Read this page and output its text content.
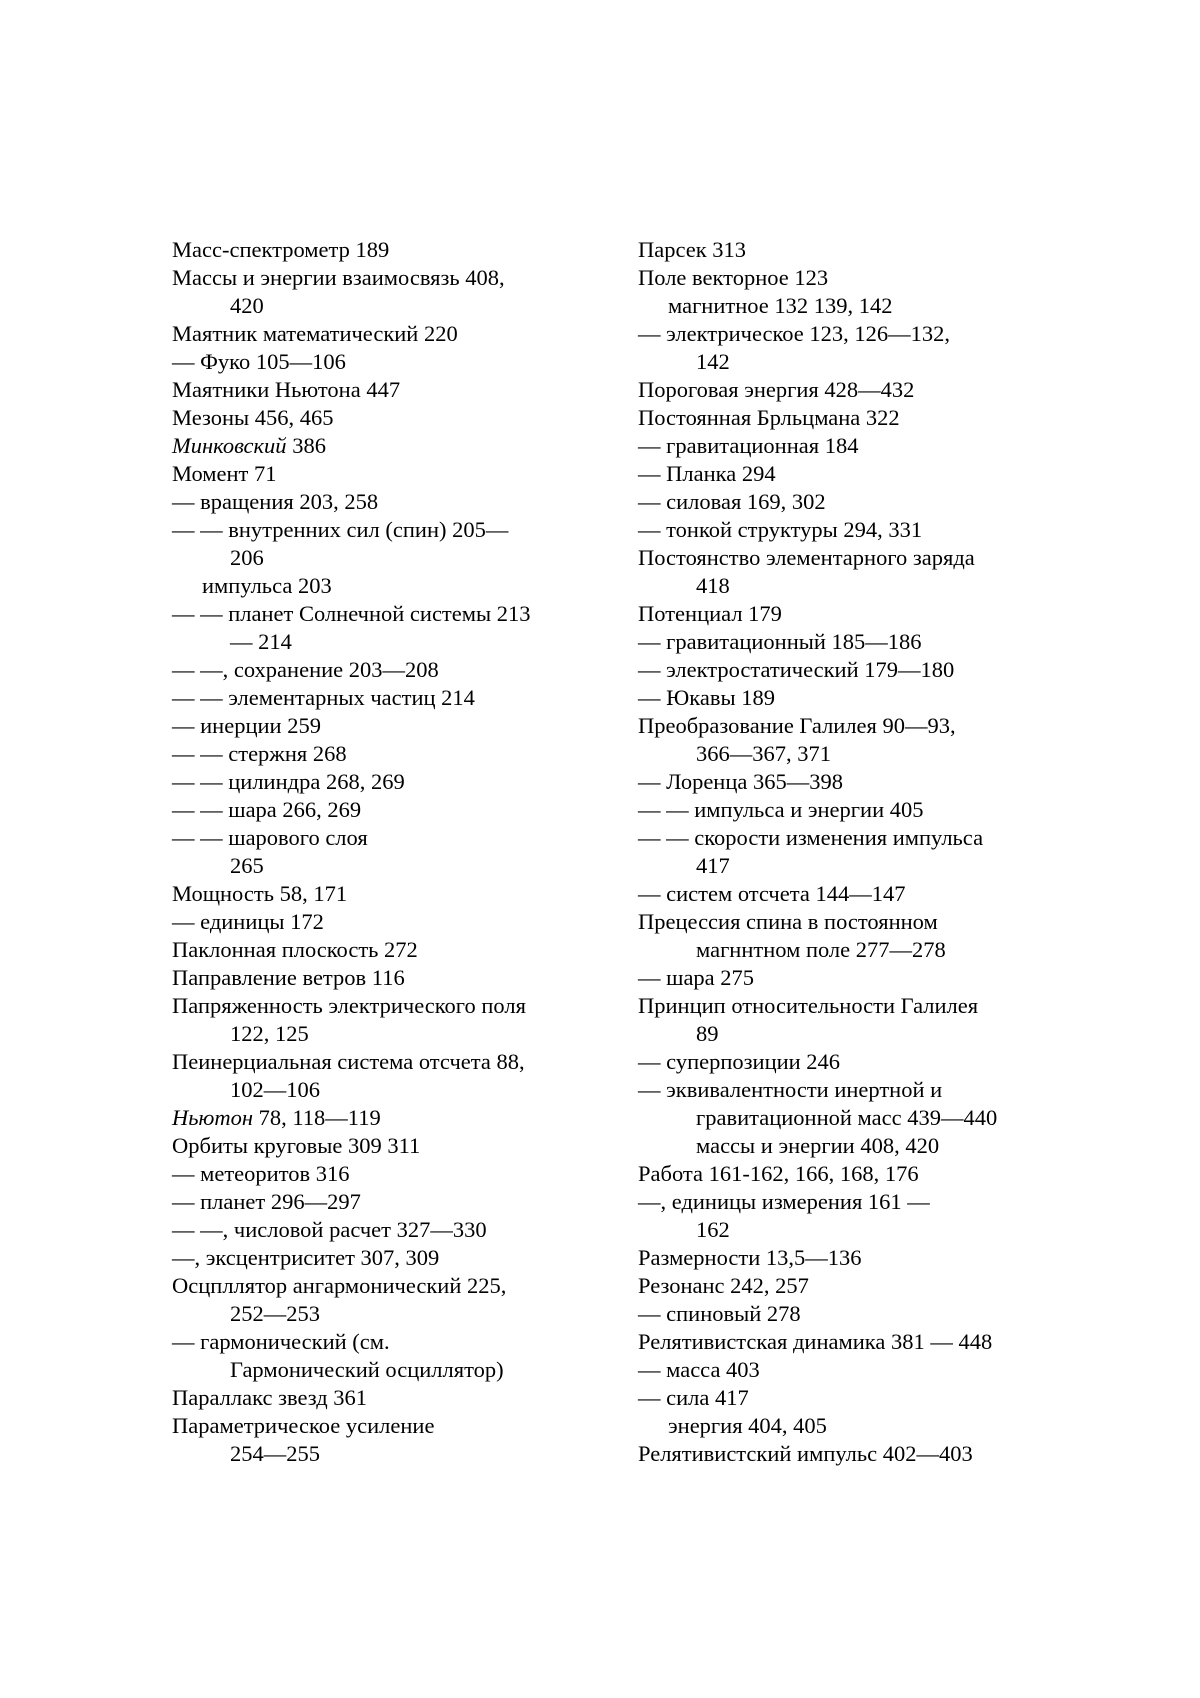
Масс-спектрометр 189
Массы и энергии взаимосвязь 408,
420
Маятник математический 220
— Фуко 105—106
Маятники Ньютона 447
Мезоны 456, 465
Минковский 386
Момент 71
— вращения 203, 258
— — внутренних сил (спин) 205—
206
импульса 203
— — планет Солнечной системы 213
— 214
— —, сохранение 203—208
— — элементарных частиц 214
— инерции 259
— — стержня 268
— — цилиндра 268, 269
— — шара 266, 269
— — шарового слоя
265
Мощность 58, 171
— единицы 172
Паклонная плоскость 272
Паправление ветров 116
Папряженность электрического поля
122, 125
Пеинерциальная система отсчета 88,
102—106
Ньютон 78, 118—119
Орбиты круговые 309 311
— метеоритов 316
— планет 296—297
— —, числовой расчет 327—330
—, эксцентриситет 307, 309
Осцпллятор ангармонический 225,
252—253
— гармонический (см.
Гармонический осциллятор)
Параллакс звезд 361
Параметрическое усиление
254—255
Парсек 313
Поле векторное 123
магнитное 132 139, 142
— электрическое 123, 126—132,
142
Пороговая энергия 428—432
Постоянная Брльцмана 322
— гравитационная 184
— Планка 294
— силовая 169, 302
— тонкой структуры 294, 331
Постоянство элементарного заряда
418
Потенциал 179
— гравитационный 185—186
— электростатический 179—180
— Юкавы 189
Преобразование Галилея 90—93,
366—367, 371
— Лоренца 365—398
— — импульса и энергии 405
— — скорости изменения импульса
417
— систем отсчета 144—147
Прецессия спина в постоянном
магннтном поле 277—278
— шара 275
Принцип относительности Галилея
89
— суперпозиции 246
— эквивалентности инертной и
гравитационной масс 439—440
массы и энергии 408, 420
Работа 161-162, 166, 168, 176
—, единицы измерения 161 —
162
Размерности 13,5—136
Резонанс 242, 257
— спиновый 278
Релятивистская динамика 381 — 448
— масса 403
— сила 417
энергия 404, 405
Релятивистский импульс 402—403
